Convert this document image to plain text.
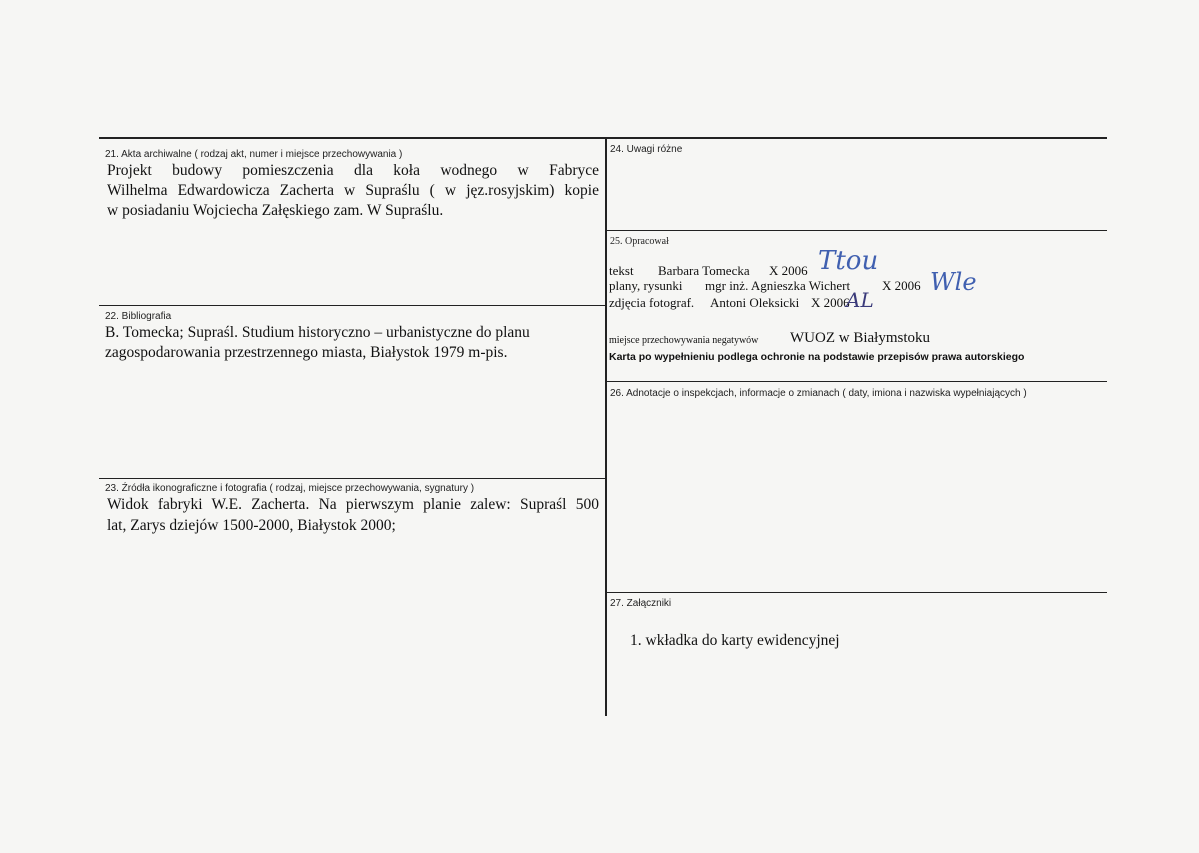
21. Akta archiwalne ( rodzaj akt, numer i miejsce przechowywania )
Projekt budowy pomieszczenia dla koła wodnego w Fabryce
Wilhelma Edwardowicza Zacherta w Supraślu ( w jęz.rosyjskim) kopie
w posiadaniu Wojciecha Załęskiego zam. W Supraślu.
22. Bibliografia
B. Tomecka; Supraśl. Studium historyczno – urbanistyczne do planu
zagospodarowania przestrzennego miasta, Białystok 1979 m-pis.
23. Źródła ikonograficzne i fotografia ( rodzaj, miejsce przechowywania, sygnatury )
Widok fabryki W.E. Zacherta. Na pierwszym planie zalew: Supraśl 500
lat, Zarys dziejów 1500-2000, Białystok 2000;
24. Uwagi różne
25. Opracował
tekst Barbara Tomecka X 2006 Ttou
plany, rysunki mgr inż. Agnieszka Wichert X 2006 Wle
zdjęcia fotograf. Antoni Oleksicki X 2006
AL
miejsce przechowywania negatywów WUOZ w Białymstoku
Karta po wypełnieniu podlega ochronie na podstawie przepisów prawa autorskiego
26. Adnotacje o inspekcjach, informacje o zmianach ( daty, imiona i nazwiska wypełniających )
27. Załączniki
1. wkładka do karty ewidencyjnej
